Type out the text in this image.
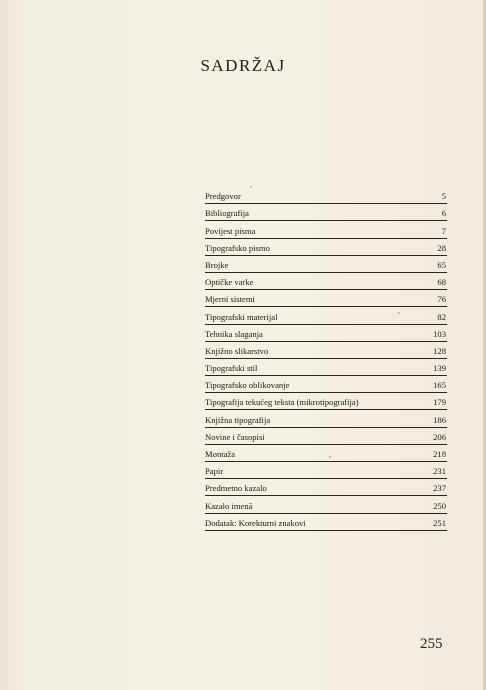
SADRŽAJ
Predgovor	5
Bibliografija	6
Povijest pisma	7
Tipografsko pismo	28
Brojke	65
Optičke varke	68
Mjerni sistemi	76
Tipografski materijal	82
Tehnika slaganja	103
Knjižno slikarstvo	128
Tipografski stil	139
Tipografsko oblikovanje	165
Tipografija tekućeg teksta (mikrotipografija)	179
Knjižna tipografija	186
Novine i časopisi	206
Montaža	218
Papir	231
Predmetno kazalo	237
Kazalo imenā	250
Dodatak: Korekturni znakovi	251
255
